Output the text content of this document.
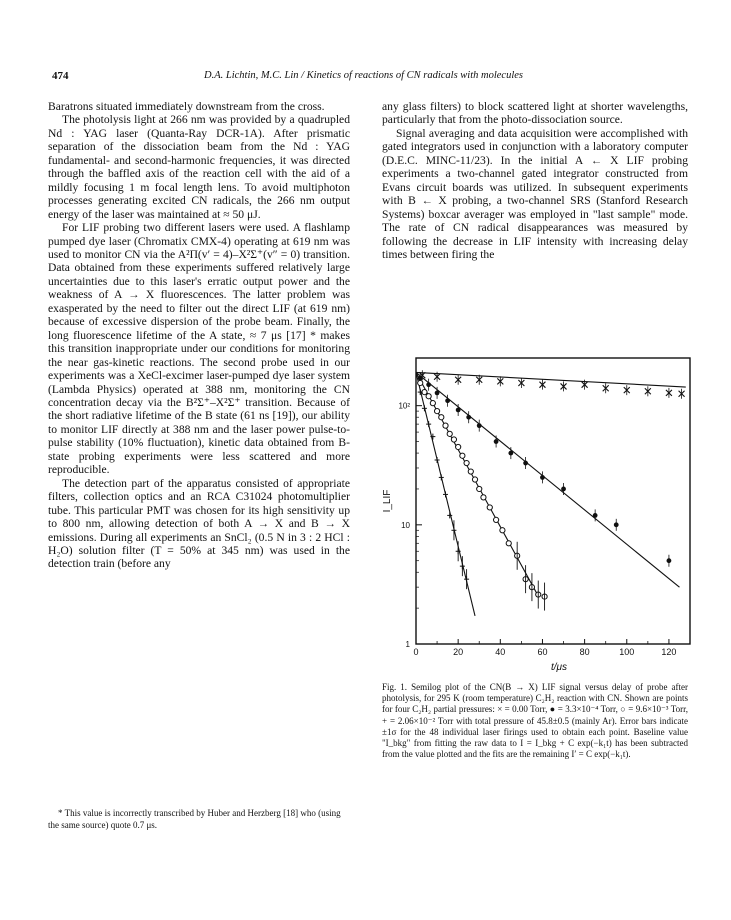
474	D.A. Lichtin, M.C. Lin / Kinetics of reactions of CN radicals with molecules

Baratrons situated immediately downstream from the cross.

The photolysis light at 266 nm was provided by a quadrupled Nd : YAG laser (Quanta-Ray DCR-1A). After prismatic separation of the dissociation beam from the Nd : YAG fundamental- and second-harmonic frequencies, it was directed through the baffled axis of the reaction cell with the aid of a mildly focusing 1 m focal length lens. To avoid multiphoton processes generating excited CN radicals, the 266 nm output energy of the laser was maintained at ≈ 50 μJ.

For LIF probing two different lasers were used. A flashlamp pumped dye laser (Chromatix CMX-4) operating at 619 nm was used to monitor CN via the A²Π(v′ = 4)–X²Σ⁺(v″ = 0) transition. Data obtained from these experiments suffered relatively large uncertainties due to this laser's erratic output power and the weakness of A → X fluorescences. The latter problem was exasperated by the need to filter out the direct LIF (at 619 nm) because of excessive dispersion of the probe beam. Finally, the long fluorescence lifetime of the A state, ≈ 7 μs [17] * makes this transition inappropriate under our conditions for monitoring the near gas-kinetic reactions. The second probe used in our experiments was a XeCl-excimer laser-pumped dye laser system (Lambda Physics) operated at 388 nm, monitoring the CN concentration decay via the B²Σ⁺–X²Σ⁺ transition. Because of the short radiative lifetime of the B state (61 ns [19]), our ability to monitor LIF directly at 388 nm and the laser power pulse-to-pulse stability (10% fluctuation), kinetic data obtained from B-state probing experiments were less scattered and more reproducible.

The detection part of the apparatus consisted of appropriate filters, collection optics and an RCA C31024 photomultiplier tube. This particular PMT was chosen for its high sensitivity up to 800 nm, allowing detection of both A → X and B → X emissions. During all experiments an SnCl₂ (0.5 N in 3 : 2 HCl : H₂O) solution filter (T = 50% at 345 nm) was used in the detection train (before any

* This value is incorrectly transcribed by Huber and Herzberg [18] who (using the same source) quote 0.7 μs.

any glass filters) to block scattered light at shorter wavelengths, particularly that from the photo-dissociation source.

Signal averaging and data acquisition were accomplished with gated integrators used in conjunction with a laboratory computer (D.E.C. MINC-11/23). In the initial A ← X LIF probing experiments a two-channel gated integrator constructed from Evans circuit boards was utilized. In subsequent experiments with B ← X probing, a two-channel SRS (Stanford Research Systems) boxcar averager was employed in "last sample" mode. The rate of CN radical disappearances was measured by following the decrease in LIF intensity with increasing delay times between firing the

0	20	40	60	80	100	120
1
10
10²
t/μs
I_LIF

Fig. 1. Semilog plot of the CN(B → X) LIF signal versus delay of probe after photolysis, for 295 K (room temperature) C₂H₂ reaction with CN. Shown are points for four C₂H₂ partial pressures: × = 0.00 Torr, ● = 3.3×10⁻⁴ Torr, ○ = 9.6×10⁻³ Torr, + = 2.06×10⁻² Torr with total pressure of 45.8±0.5 (mainly Ar). Error bars indicate ±1σ for the 48 individual laser firings used to obtain each point. Baseline value "I_bkg" from fitting the raw data to I = I_bkg + C exp(−k₁t) has been subtracted from the value plotted and the fits are the remaining I′ = C exp(−k₁t).
